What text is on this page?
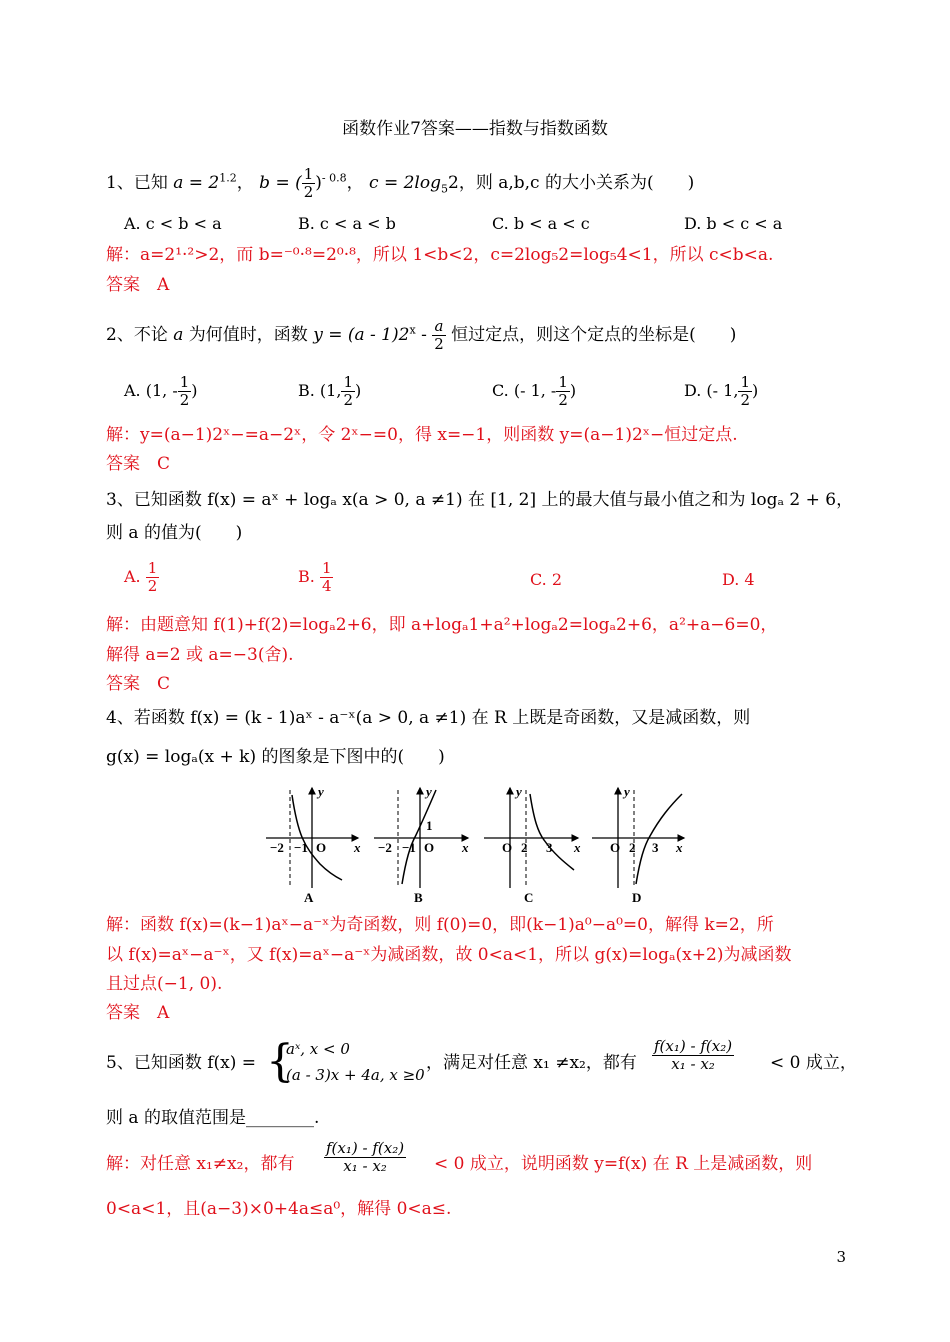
函数作业7答案——指数与指数函数
1、已知 $a = 2^{1.2}$， b = ( $\frac{1}{2} )^{- 0.8}$， $c = 2\log_52$，则 a,b,c 的大小关系为(　　)
A. c < b < a	B. c < a < b	C. b < a < c	D. b < c < a
解：a=2¹·²>2，而 b=⁻⁰·⁸=2⁰·⁸，所以 1<b<2，c=2log₅2=log₅4<1，所以 c<b<a.
答案　 A
2、不论 a 为何值时，函数 $y = (a - 1)2^x - \frac{a}{2}$ 恒过定点，则这个定点的坐标是(　　)
A. (1, - $\frac{1}{2}$ )	B. (1, $\frac{1}{2}$ )	C. (- 1, - $\frac{1}{2}$ )	D. (- 1, $\frac{1}{2}$ )
解：y=(a−1)2ˣ−=a−2ˣ，令 2ˣ−=0，得 x=−1，则函数 y=(a−1)2ˣ−恒过定点.
答案　 C
3、已知函数 f(x) = aˣ + logₐ x(a > 0, a ≠1) 在 [1, 2] 上的最大值与最小值之和为 logₐ 2 + 6，
则 a 的值为(　　)
A. $\frac{1}{2}$	B. $\frac{1}{4}$	C. 2	D. 4
解：由题意知 f(1)+f(2)=logₐ2+6，即 a+logₐ1+a²+logₐ2=logₐ2+6，a²+a−6=0，
解得 a=2 或 a=−3(舍).
答案　 C
4、若函数 f(x) = (k - 1)aˣ - a⁻ˣ(a > 0, a ≠1) 在 R 上既是奇函数，又是减函数，则
g(x) = logₐ(x + k) 的图象是下图中的(　　)
y
x
−2 −1 O
A
y
x
−2 −1 O
1
B
y
x
O 2 3
C
y
x
O 2 3
D
解：函数 f(x)=(k−1)aˣ−a⁻ˣ为奇函数，则 f(0)=0，即(k−1)a⁰−a⁰=0，解得 k=2，所
以 f(x)=aˣ−a⁻ˣ，又 f(x)=aˣ−a⁻ˣ为减函数，故 0<a<1，所以 g(x)=logₐ(x+2)为减函数
且过点(−1, 0).
答案　 A
5、已知函数 f(x) = {
aˣ, x < 0
(a - 3)x + 4a, x ≥0
，满足对任意 x₁ ≠x₂，都有 $\frac{\text{f(x₁) - f(x₂)}}{\text{x₁ - x₂}} < 0$ 成立，
则 a 的取值范围是________.
解：对任意 x₁≠x₂，都有 $\frac{\text{f(x₁) - f(x₂)}}{\text{x₁ - x₂}} < 0$ 成立，说明函数 y=f(x) 在 R 上是减函数，则
0<a<1，且(a−3)×0+4a≤a⁰，解得 0<a≤.
3
